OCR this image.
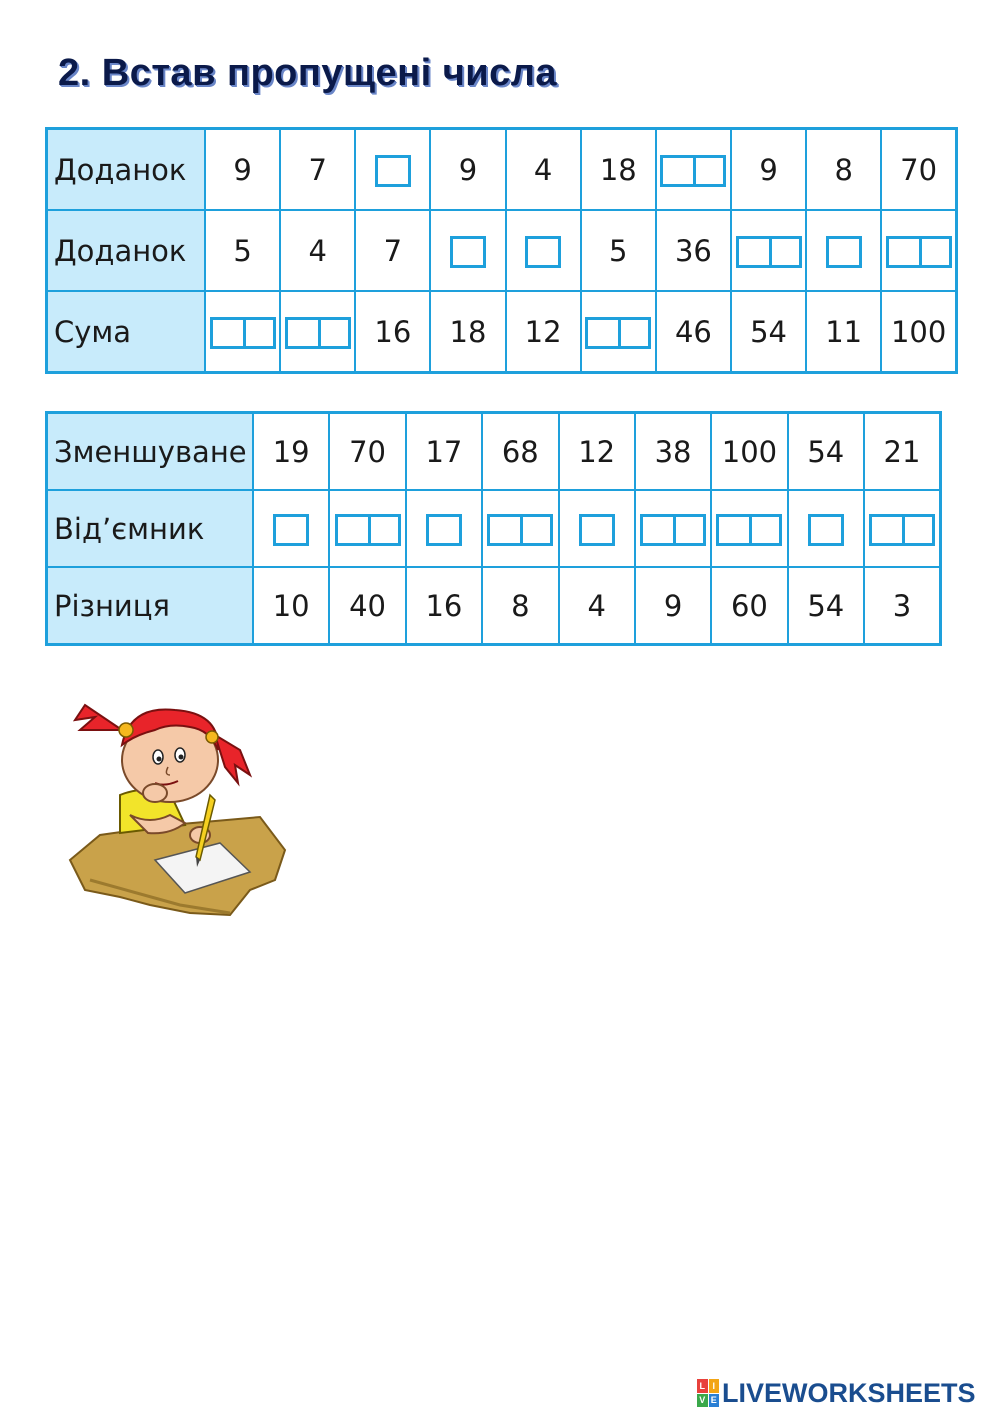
2. Встав пропущені числа
Доданок	9	7		9	4	18		9	8	70
Доданок	5	4	7			5	36	

Сума			16	18	12		46	54	11	100
Зменшуване	19	70	17	68	12	38	100	54	21
Від’ємник	

Різниця	10	40	16	8	4	9	60	54	3
L I
V E LIVEWORKSHEETS
